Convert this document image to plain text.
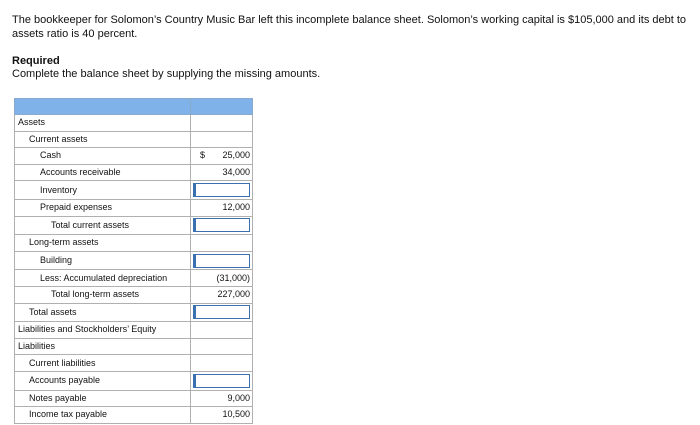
The bookkeeper for Solomon’s Country Music Bar left this incomplete balance sheet. Solomon’s working capital is $105,000 and its debt to assets ratio is 40 percent.
Required
Complete the balance sheet by supplying the missing amounts.

Assets	
Current assets	
Cash	$ 25,000
Accounts receivable	34,000
Inventory	

Prepaid expenses	12,000
Total current assets	

Long-term assets	
Building	

Less: Accumulated depreciation	(31,000)
Total long-term assets	227,000
Total assets	

Liabilities and Stockholders’ Equity	
Liabilities	
Current liabilities	
Accounts payable	

Notes payable	9,000
Income tax payable	10,500
